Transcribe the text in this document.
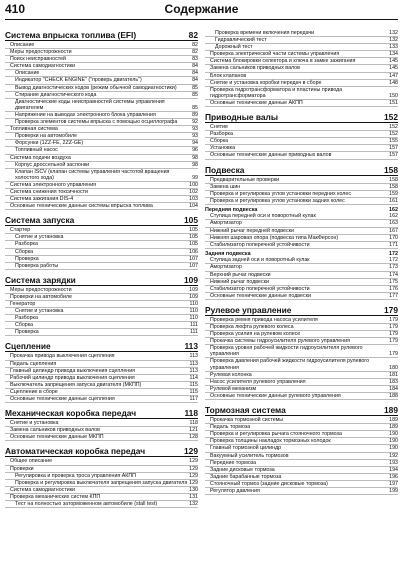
410	Содержание
Система впрыска топлива (EFI)	82
Описание	82
Меры предосторожности	82
Поиск неисправностей	83
Система самодиагностики	84
Описание	84
Индикатор "CHECK ENGINE" ("проверь двигатель")	84
Вывод диагностических кодов (режим обычной самодиагностики)	85
Стирание диагностического кода	85
Диагностические коды неисправностей системы управления двигателем	85
Напряжение на выводах электронного блока управления	89
Проверка элементов системы впрыска с помощью осциллографа	92
Топливная система	93
Проверки на автомобиле	93
Форсунки (1ZZ-FE, 2ZZ-GE)	94
Топливный насос	96
Система подачи воздуха	98
Корпус дроссельной заслонки	98
Клапан ISCV (клапан системы управления частотой вращения холостого хода)	99
Система электронного управления	100
Система снижения токсичности	102
Система зажигания DIS-4	103
Основные технические данные системы впрыска топлива	104
Система запуска	105
Стартер	105
Снятие и установка	105
Разборка	105
Сборка	106
Проверка	107
Проверка работы	107
Система зарядки	109
Меры предосторожности	109
Проверки на автомобиле	109
Генератор	110
Снятие и установка	110
Разборка	110
Сборка	111
Проверка	111
Сцепление	113
Прокачка привода выключения сцепления	113
Педаль сцепления	113
Главный цилиндр привода выключения сцепления	113
Рабочий цилиндр привода выключения сцепления	114
Выключатель запрещения запуска двигателя (МКПП)	115
Сцепление в сборе	115
Основные технические данные сцепления	117
Механическая коробка передач	118
Снятие и установка	118
Замена сальников приводных валов	121
Основные технические данные МКПП	128
Автоматическая коробка передач	129
Общее описание	129
Проверки	129
Регулировка и проверка троса управления АКПП	129
Проверка и регулировка выключателя запрещения запуска двигателя 129
Система самодиагностики	130
Проверка механических систем КПП	131
Тест на полностью заторможенном автомобиле (stall test)	132
Проверка времени включения передачи	132
Гидравлический тест	132
Дорожный тест	133
Проверка электрической части системы управления	134
Система блокировки селектора и ключа в замке зажигания	145
Замена сальников приводных валов	145
Блок клапанов	147
Снятие и установка коробки передач в сборе	148
Проверка гидротрансформатора и пластины привода гидротрансформатора	150
Основные технические данные АКПП	151
Приводные валы	152
Снятие	152
Разборка	152
Сборка	155
Установка	157
Основные технические данные приводных валов	157
Подвеска	158
Предварительные проверки	158
Замена шин	158
Проверка и регулировка углов установки передних колес	159
Проверка и регулировка углов установки задних колес	161
Передняя подвеска	162
Ступица передней оси и поворотный кулак	162
Амортизатор	163
Нижний рычаг передней подвески	167
Нижняя шаровая опора (подвеска типа МакФерсон)	170
Стабилизатор поперечной устойчивости	171
Задняя подвеска	172
Ступица задней оси и поворотный кулак	172
Амортизатор	173
Верхний рычаг подвески	174
Нижний рычаг подвески	175
Стабилизатор поперечной устойчивости	176
Основные технические данные подвески	177
Рулевое управление	179
Проверка ремня привода насоса усилителя	179
Проверка люфта рулевого колеса	179
Проверка усилия на рулевом колесе	179
Прокачка системы гидроусилителя рулевого управления	179
Проверка уровня рабочей жидкости гидроусилителя рулевого управления	179
Проверка давления рабочей жидкости гидроусилителя рулевого управления	180
Рулевая колонка	181
Насос усилителя рулевого управления	183
Рулевой механизм	184
Основные технические данные рулевого управления	188
Тормозная система	189
Прокачка тормозной системы	189
Педаль тормоза	189
Проверка и регулировка рычага стояночного тормоза	190
Проверка толщины накладок тормозных колодок	190
Главный тормозной цилиндр	190
Вакуумный усилитель тормозов	192
Передние тормоза	193
Задние дисковые тормоза	194
Задние барабанные тормоза	196
Стояночный тормоз (задние дисковые тормоза)	197
Регулятор давления	199
